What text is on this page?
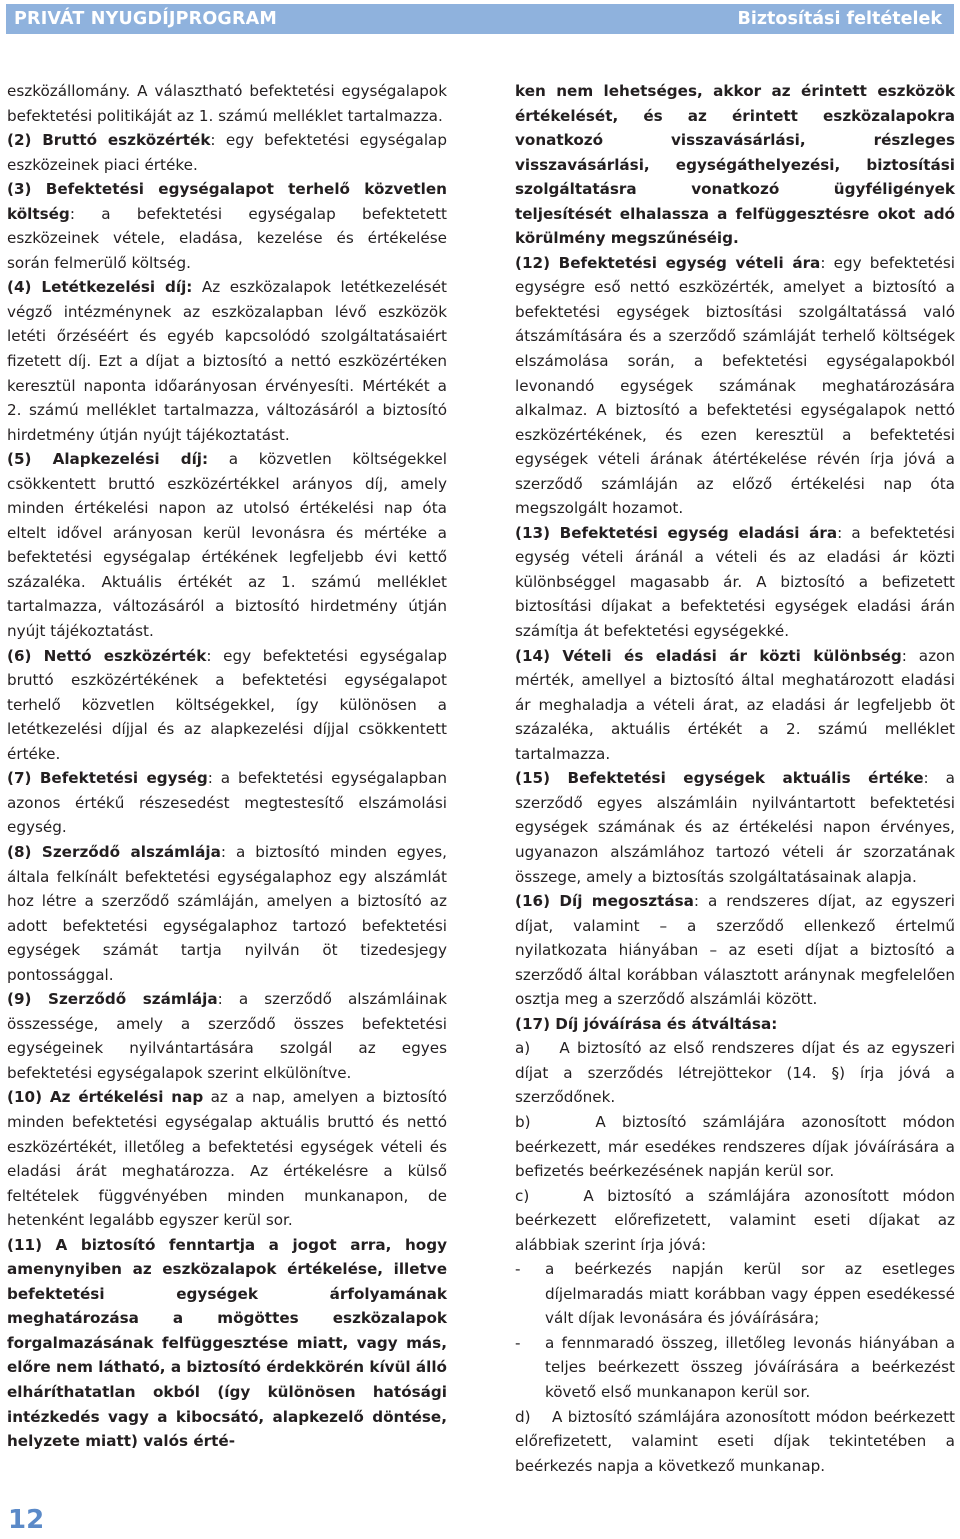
PRIVÁT NYUGDÍJPROGRAM	Biztosítási feltételek

eszközállomány. A választható befektetési egységalapok befektetési politikáját az 1. számú melléklet tartalmazza.

(2) Bruttó eszközérték: egy befektetési egységalap eszközeinek piaci értéke.

(3) Befektetési egységalapot terhelő közvetlen költség: a befektetési egységalap befektetett eszközeinek vétele, eladása, kezelése és értékelése során felmerülő költség.

(4) Letétkezelési díj: Az eszközalapok letétkezelését végző intézménynek az eszközalapban lévő eszközök letéti őrzéséért és egyéb kapcsolódó szolgáltatásaiért fizetett díj. Ezt a díjat a biztosító a nettó eszközértéken keresztül naponta időarányosan érvényesíti. Mértékét a 2. számú melléklet tartalmazza, változásáról a biztosító hirdetmény útján nyújt tájékoztatást.

(5) Alapkezelési díj: a közvetlen költségekkel csökkentett bruttó eszközértékkel arányos díj, amely minden értékelési napon az utolsó értékelési nap óta eltelt idővel arányosan kerül levonásra és mértéke a befektetési egységalap értékének legfeljebb évi kettő százaléka. Aktuális értékét az 1. számú melléklet tartalmazza, változásáról a biztosító hirdetmény útján nyújt tájékoztatást.

(6) Nettó eszközérték: egy befektetési egységalap bruttó eszközértékének a befektetési egységalapot terhelő közvetlen költségekkel, így különösen a letétkezelési díjjal és az alapkezelési díjjal csökkentett értéke.

(7) Befektetési egység: a befektetési egységalapban azonos értékű részesedést megtestesítő elszámolási egység.

(8) Szerződő alszámlája: a biztosító minden egyes, általa felkínált befektetési egységalaphoz egy alszámlát hoz létre a szerződő számláján, amelyen a biztosító az adott befektetési egységalaphoz tartozó befektetési egységek számát tartja nyilván öt tizedesjegy pontossággal.

(9) Szerződő számlája: a szerződő alszámláinak összessége, amely a szerződő összes befektetési egységeinek nyilvántartására szolgál az egyes befektetési egységalapok szerint elkülönítve.

(10) Az értékelési nap az a nap, amelyen a biztosító minden befektetési egységalap aktuális bruttó és nettó eszközértékét, illetőleg a befektetési egységek vételi és eladási árát meghatározza. Az értékelésre a külső feltételek függvényében minden munkanapon, de hetenként legalább egyszer kerül sor.

(11) A biztosító fenntartja a jogot arra, hogy amenynyiben az eszközalapok értékelése, illetve befektetési egységek árfolyamának meghatározása a mögöttes eszközalapok forgalmazásának felfüggesztése miatt, vagy más, előre nem látható, a biztosító érdekkörén kívül álló elháríthatatlan okból (így különösen hatósági intézkedés vagy a kibocsátó, alapkezelő döntése, helyzete miatt) valós érté-

ken nem lehetséges, akkor az érintett eszközök értékelését, és az érintett eszközalapokra vonatkozó visszavásárlási, részleges visszavásárlási, egységáthelyezési, biztosítási szolgáltatásra vonatkozó ügyféligények teljesítését elhalassza a felfüggesztésre okot adó körülmény megszűnéséig.

(12) Befektetési egység vételi ára: egy befektetési egységre eső nettó eszközérték, amelyet a biztosító a befektetési egységek biztosítási szolgáltatássá való átszámítására és a szerződő számláját terhelő költségek elszámolása során, a befektetési egységalapokból levonandó egységek számának meghatározására alkalmaz. A biztosító a befektetési egységalapok nettó eszközértékének, és ezen keresztül a befektetési egységek vételi árának átértékelése révén írja jóvá a szerződő számláján az előző értékelési nap óta megszolgált hozamot.

(13) Befektetési egység eladási ára: a befektetési egység vételi áránál a vételi és az eladási ár közti különbséggel magasabb ár. A biztosító a befizetett biztosítási díjakat a befektetési egységek eladási árán számítja át befektetési egységekké.

(14) Vételi és eladási ár közti különbség: azon mérték, amellyel a biztosító által meghatározott eladási ár meghaladja a vételi árat, az eladási ár legfeljebb öt százaléka, aktuális értékét a 2. számú melléklet tartalmazza.

(15) Befektetési egységek aktuális értéke: a szerződő egyes alszámláin nyilvántartott befektetési egységek számának és az értékelési napon érvényes, ugyanazon alszámlához tartozó vételi ár szorzatának összege, amely a biztosítás szolgáltatásainak alapja.

(16) Díj megosztása: a rendszeres díjat, az egyszeri díjat, valamint – a szerződő ellenkező értelmű nyilatkozata hiányában – az eseti díjat a biztosító a szerződő által korábban választott aránynak megfelelően osztja meg a szerződő alszámlái között.

(17) Díj jóváírása és átváltása:

a) A biztosító az első rendszeres díjat és az egyszeri díjat a szerződés létrejöttekor (14. §) írja jóvá a szerződőnek.

b)	A biztosító számlájára azonosított módon beérkezett, már esedékes rendszeres díjak jóváírására a befizetés beérkezésének napján kerül sor.

c)	A biztosító a számlájára azonosított módon beérkezett előrefizetett, valamint eseti díjakat az alábbiak szerint írja jóvá:

-	a beérkezés napján kerül sor az esetleges díjelmaradás miatt korábban vagy éppen esedékessé vált díjak levonására és jóváírására;
-	a fennmaradó összeg, illetőleg levonás hiányában a teljes beérkezett összeg jóváírására a beérkezést követő első munkanapon kerül sor.

d) A biztosító számlájára azonosított módon beérkezett előrefizetett, valamint eseti díjak tekintetében a beérkezés napja a következő munkanap.

12
